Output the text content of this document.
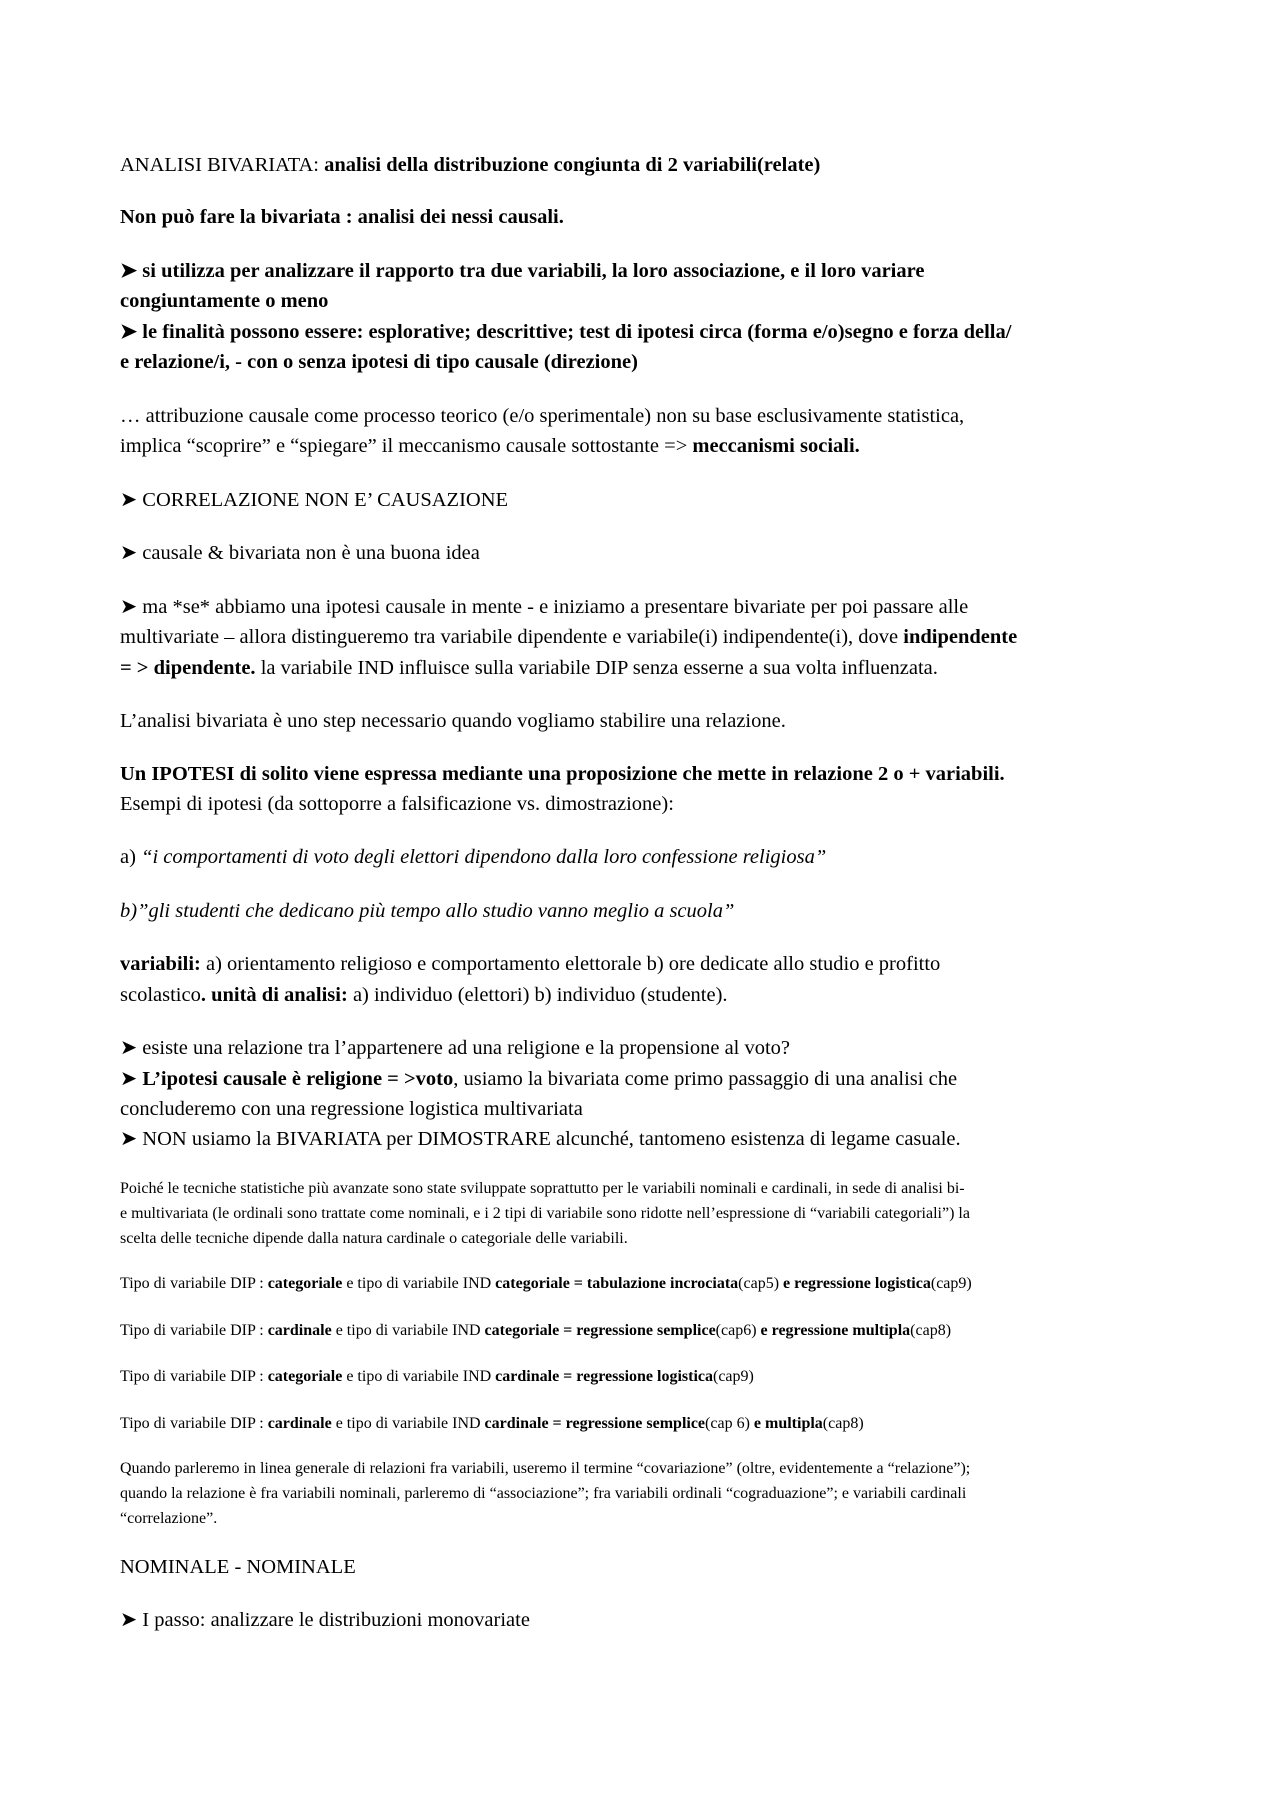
ANALISI BIVARIATA: analisi della distribuzione congiunta di 2 variabili(relate)

Non può fare la bivariata : analisi dei nessi causali.

➤ si utilizza per analizzare il rapporto tra due variabili, la loro associazione, e il loro variare

congiuntamente o meno

➤ le finalità possono essere: esplorative; descrittive; test di ipotesi circa (forma e/o)segno e forza della/

e relazione/i, - con o senza ipotesi di tipo causale (direzione)

… attribuzione causale come processo teorico (e/o sperimentale) non su base esclusivamente statistica,

implica “scoprire” e “spiegare” il meccanismo causale sottostante => meccanismi sociali.

➤ CORRELAZIONE NON E’ CAUSAZIONE

➤ causale & bivariata non è una buona idea

➤ ma *se* abbiamo una ipotesi causale in mente - e iniziamo a presentare bivariate per poi passare alle

multivariate – allora distingueremo tra variabile dipendente e variabile(i) indipendente(i), dove indipendente

= > dipendente. la variabile IND influisce sulla variabile DIP senza esserne a sua volta influenzata.

L’analisi bivariata è uno step necessario quando vogliamo stabilire una relazione.

Un IPOTESI di solito viene espressa mediante una proposizione che mette in relazione 2 o + variabili.

Esempi di ipotesi (da sottoporre a falsificazione vs. dimostrazione):

a) “i comportamenti di voto degli elettori dipendono dalla loro confessione religiosa”

b)”gli studenti che dedicano più tempo allo studio vanno meglio a scuola”

variabili: a) orientamento religioso e comportamento elettorale b) ore dedicate allo studio e profitto

scolastico. unità di analisi: a) individuo (elettori) b) individuo (studente).

➤ esiste una relazione tra l’appartenere ad una religione e la propensione al voto?

➤ L’ipotesi causale è religione = >voto, usiamo la bivariata come primo passaggio di una analisi che

concluderemo con una regressione logistica multivariata

➤ NON usiamo la BIVARIATA per DIMOSTRARE alcunché, tantomeno esistenza di legame casuale.

Poiché le tecniche statistiche più avanzate sono state sviluppate soprattutto per le variabili nominali e cardinali, in sede di analisi bi-

e multivariata (le ordinali sono trattate come nominali, e i 2 tipi di variabile sono ridotte nell’espressione di “variabili categoriali”) la

scelta delle tecniche dipende dalla natura cardinale o categoriale delle variabili.

Tipo di variabile DIP : categoriale e tipo di variabile IND categoriale = tabulazione incrociata(cap5) e regressione logistica(cap9)

Tipo di variabile DIP : cardinale e tipo di variabile IND categoriale = regressione semplice(cap6) e regressione multipla(cap8)

Tipo di variabile DIP : categoriale e tipo di variabile IND cardinale = regressione logistica(cap9)

Tipo di variabile DIP : cardinale e tipo di variabile IND cardinale = regressione semplice(cap 6) e multipla(cap8)

Quando parleremo in linea generale di relazioni fra variabili, useremo il termine “covariazione” (oltre, evidentemente a “relazione”);

quando la relazione è fra variabili nominali, parleremo di “associazione”; fra variabili ordinali “cograduazione”; e variabili cardinali

“correlazione”.

NOMINALE - NOMINALE

➤ I passo: analizzare le distribuzioni monovariate
